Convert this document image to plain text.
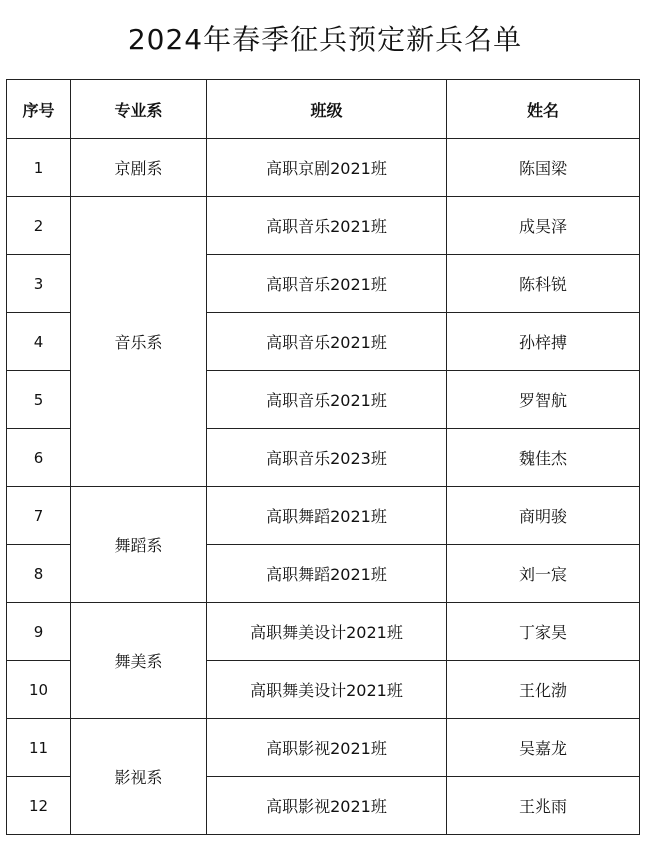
2024年春季征兵预定新兵名单
序号	专业系	班级	姓名
1	京剧系	高职京剧2021班	陈国梁
2	音乐系	高职音乐2021班	成昊泽
3		高职音乐2021班	陈科锐
4		高职音乐2021班	孙梓搏
5		高职音乐2021班	罗智航
6		高职音乐2023班	魏佳杰
7	舞蹈系	高职舞蹈2021班	商明骏
8		高职舞蹈2021班	刘一宸
9	舞美系	高职舞美设计2021班	丁家昊
10		高职舞美设计2021班	王化渤
11	影视系	高职影视2021班	吴嘉龙
12		高职影视2021班	王兆雨
